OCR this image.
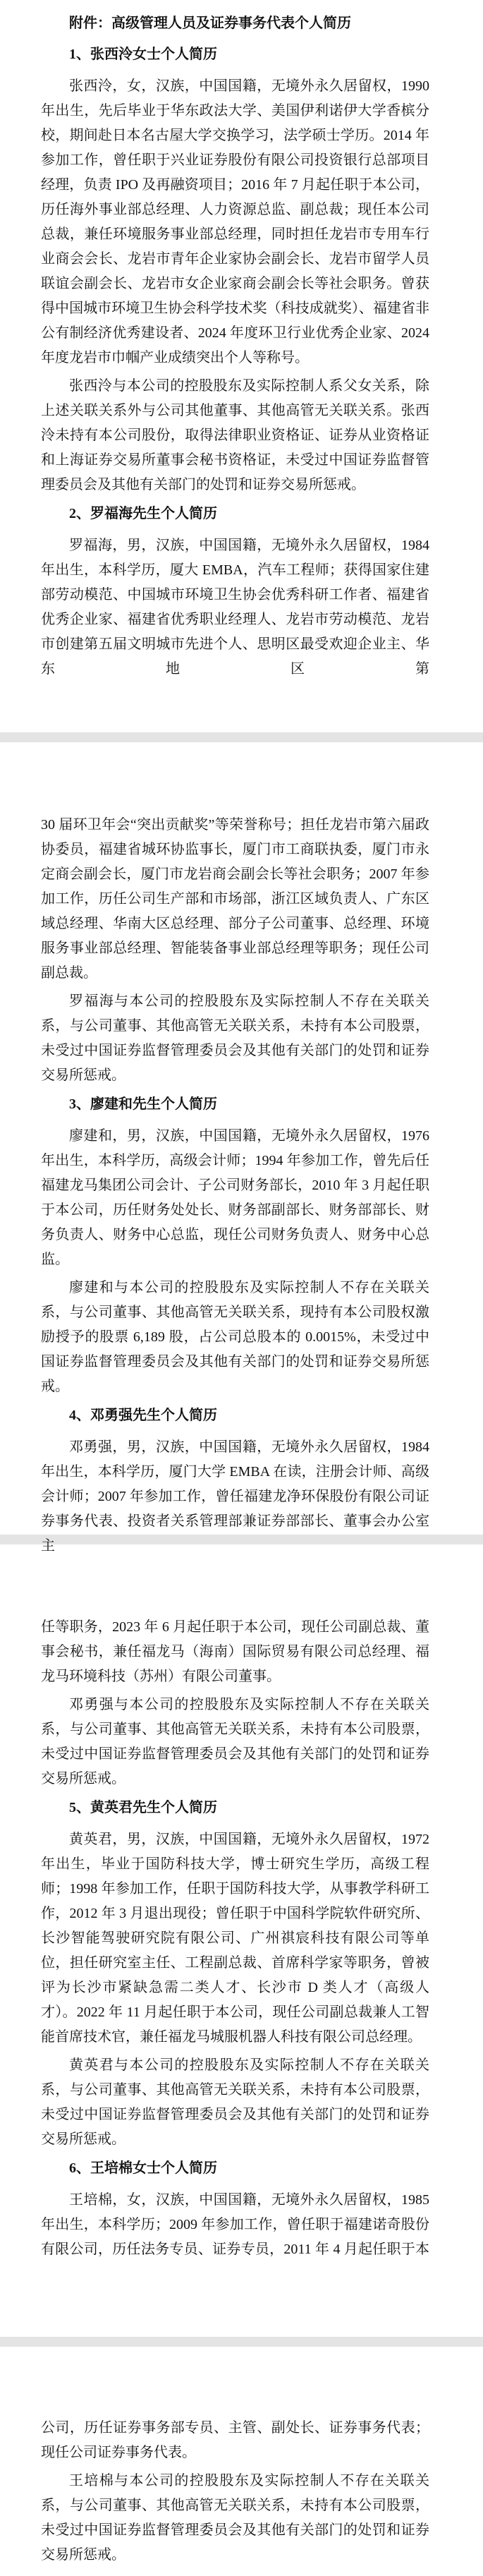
附件：高级管理人员及证券事务代表个人简历
1、张西泠女士个人简历

张西泠，女，汉族，中国国籍，无境外永久居留权，1990 年出生，先后毕业于华东政法大学、美国伊利诺伊大学香槟分校，期间赴日本名古屋大学交换学习，法学硕士学历。2014 年参加工作，曾任职于兴业证券股份有限公司投资银行总部项目经理，负责 IPO 及再融资项目；2016 年 7 月起任职于本公司，历任海外事业部总经理、人力资源总监、副总裁；现任本公司总裁，兼任环境服务事业部总经理，同时担任龙岩市专用车行业商会会长、龙岩市青年企业家协会副会长、龙岩市留学人员联谊会副会长、龙岩市女企业家商会副会长等社会职务。曾获得中国城市环境卫生协会科学技术奖（科技成就奖）、福建省非公有制经济优秀建设者、2024 年度环卫行业优秀企业家、2024 年度龙岩市巾帼产业成绩突出个人等称号。

张西泠与本公司的控股股东及实际控制人系父女关系，除上述关联关系外与公司其他董事、其他高管无关联关系。张西泠未持有本公司股份，取得法律职业资格证、证券从业资格证和上海证券交易所董事会秘书资格证，未受过中国证券监督管理委员会及其他有关部门的处罚和证券交易所惩戒。

2、罗福海先生个人简历

罗福海，男，汉族，中国国籍，无境外永久居留权，1984 年出生，本科学历，厦大 EMBA，汽车工程师；获得国家住建部劳动模范、中国城市环境卫生协会优秀科研工作者、福建省优秀企业家、福建省优秀职业经理人、龙岩市劳动模范、龙岩市创建第五届文明城市先进个人、思明区最受欢迎企业主、华东地区第

30 届环卫年会“突出贡献奖”等荣誉称号；担任龙岩市第六届政协委员，福建省城环协监事长，厦门市工商联执委，厦门市永定商会副会长，厦门市龙岩商会副会长等社会职务；2007 年参加工作，历任公司生产部和市场部，浙江区域负责人、广东区域总经理、华南大区总经理、部分子公司董事、总经理、环境服务事业部总经理、智能装备事业部总经理等职务；现任公司副总裁。

罗福海与本公司的控股股东及实际控制人不存在关联关系，与公司董事、其他高管无关联关系，未持有本公司股票，未受过中国证券监督管理委员会及其他有关部门的处罚和证券交易所惩戒。

3、廖建和先生个人简历

廖建和，男，汉族，中国国籍，无境外永久居留权，1976 年出生，本科学历，高级会计师；1994 年参加工作，曾先后任福建龙马集团公司会计、子公司财务部长，2010 年 3 月起任职于本公司，历任财务处处长、财务部副部长、财务部部长、财务负责人、财务中心总监，现任公司财务负责人、财务中心总监。

廖建和与本公司的控股股东及实际控制人不存在关联关系，与公司董事、其他高管无关联关系，现持有本公司股权激励授予的股票 6,189 股，占公司总股本的 0.0015%，未受过中国证券监督管理委员会及其他有关部门的处罚和证券交易所惩戒。

4、邓勇强先生个人简历

邓勇强，男，汉族，中国国籍，无境外永久居留权，1984 年出生，本科学历，厦门大学 EMBA 在读，注册会计师、高级会计师；2007 年参加工作，曾任福建龙净环保股份有限公司证券事务代表、投资者关系管理部兼证券部部长、董事会办公室主

任等职务，2023 年 6 月起任职于本公司，现任公司副总裁、董事会秘书，兼任福龙马（海南）国际贸易有限公司总经理、福龙马环境科技（苏州）有限公司董事。

邓勇强与本公司的控股股东及实际控制人不存在关联关系，与公司董事、其他高管无关联关系，未持有本公司股票，未受过中国证券监督管理委员会及其他有关部门的处罚和证券交易所惩戒。

5、黄英君先生个人简历

黄英君，男，汉族，中国国籍，无境外永久居留权，1972 年出生，毕业于国防科技大学，博士研究生学历，高级工程师；1998 年参加工作，任职于国防科技大学，从事教学科研工作，2012 年 3 月退出现役；曾任职于中国科学院软件研究所、长沙智能驾驶研究院有限公司、广州祺宸科技有限公司等单位，担任研究室主任、工程副总裁、首席科学家等职务，曾被评为长沙市紧缺急需二类人才、长沙市 D 类人才（高级人才）。2022 年 11 月起任职于本公司，现任公司副总裁兼人工智能首席技术官，兼任福龙马城服机器人科技有限公司总经理。

黄英君与本公司的控股股东及实际控制人不存在关联关系，与公司董事、其他高管无关联关系，未持有本公司股票，未受过中国证券监督管理委员会及其他有关部门的处罚和证券交易所惩戒。

6、王培棉女士个人简历

王培棉，女，汉族，中国国籍，无境外永久居留权，1985 年出生，本科学历；2009 年参加工作，曾任职于福建诺奇股份有限公司，历任法务专员、证券专员，2011 年 4 月起任职于本

公司，历任证券事务部专员、主管、副处长、证券事务代表；现任公司证券事务代表。

王培棉与本公司的控股股东及实际控制人不存在关联关系，与公司董事、其他高管无关联关系，未持有本公司股票，未受过中国证券监督管理委员会及其他有关部门的处罚和证券交易所惩戒。
